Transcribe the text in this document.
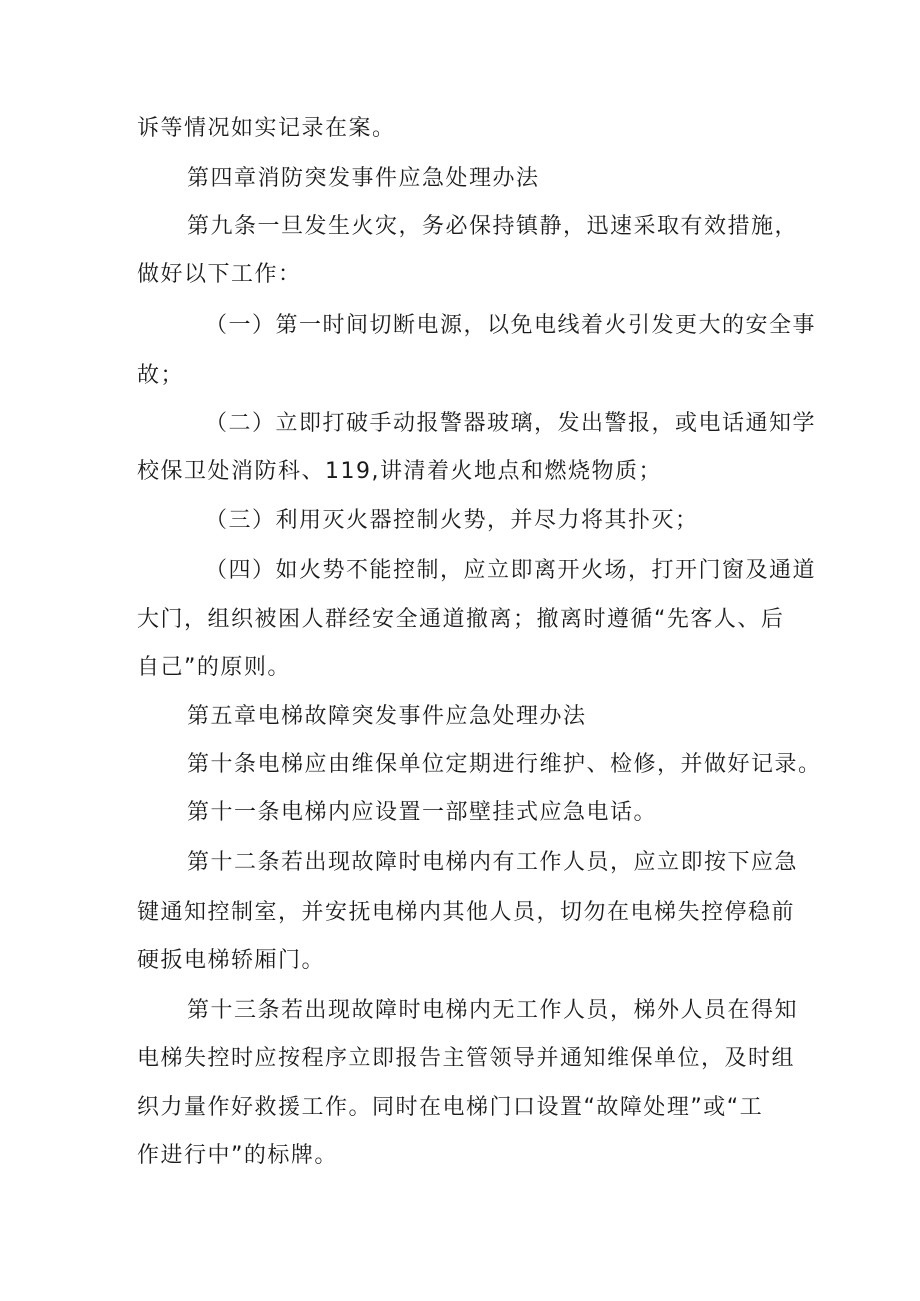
诉等情况如实记录在案。
第四章消防突发事件应急处理办法
第九条一旦发生火灾，务必保持镇静，迅速采取有效措施，
做好以下工作：
（一）第一时间切断电源，以免电线着火引发更大的安全事
故；
（二）立即打破手动报警器玻璃，发出警报，或电话通知学
校保卫处消防科、119,讲清着火地点和燃烧物质；
（三）利用灭火器控制火势，并尽力将其扑灭；
（四）如火势不能控制，应立即离开火场，打开门窗及通道
大门，组织被困人群经安全通道撤离；撤离时遵循“先客人、后
自己”的原则。
第五章电梯故障突发事件应急处理办法
第十条电梯应由维保单位定期进行维护、检修，并做好记录。
第十一条电梯内应设置一部壁挂式应急电话。
第十二条若出现故障时电梯内有工作人员，应立即按下应急
键通知控制室，并安抚电梯内其他人员，切勿在电梯失控停稳前
硬扳电梯轿厢门。
第十三条若出现故障时电梯内无工作人员，梯外人员在得知
电梯失控时应按程序立即报告主管领导并通知维保单位，及时组
织力量作好救援工作。同时在电梯门口设置“故障处理”或“工
作进行中”的标牌。
